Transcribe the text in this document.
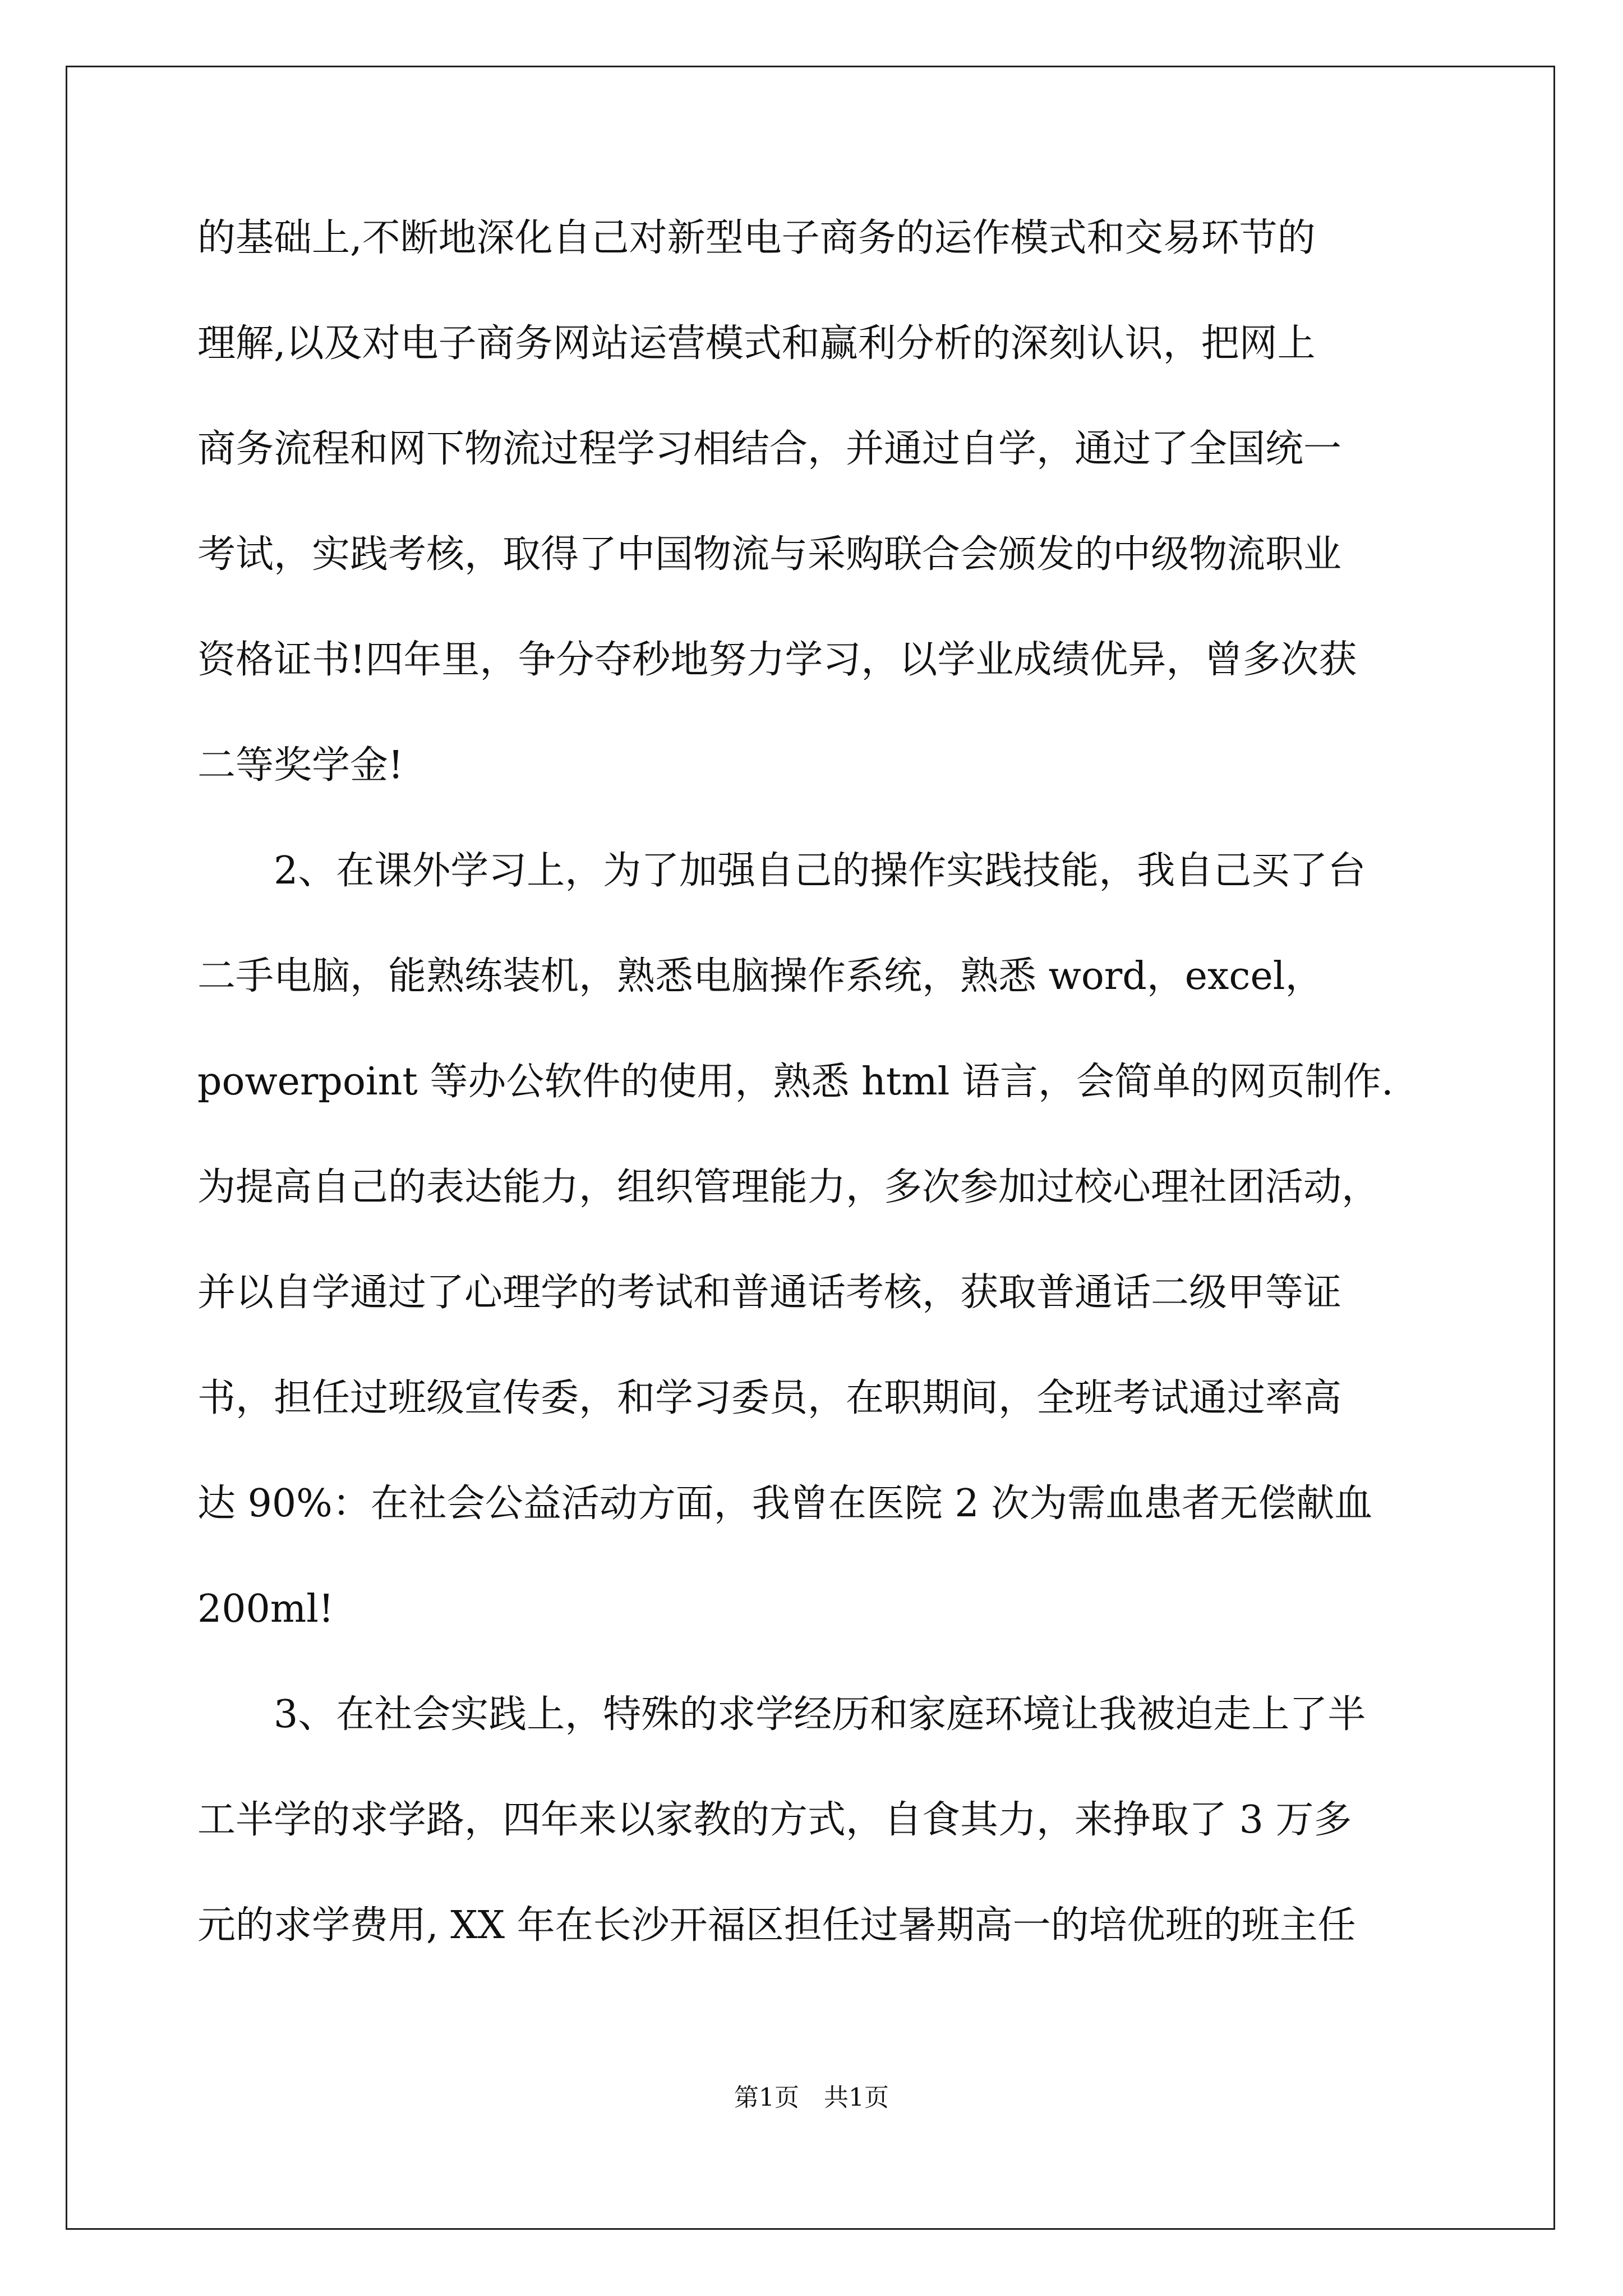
的基础上,不断地深化自己对新型电子商务的运作模式和交易环节的
理解,以及对电子商务网站运营模式和赢利分析的深刻认识，把网上
商务流程和网下物流过程学习相结合，并通过自学，通过了全国统一
考试，实践考核，取得了中国物流与采购联合会颁发的中级物流职业
资格证书!四年里，争分夺秒地努力学习，以学业成绩优异，曾多次获
二等奖学金!
　　2、在课外学习上，为了加强自己的操作实践技能，我自己买了台
二手电脑，能熟练装机，熟悉电脑操作系统，熟悉 word，excel，
powerpoint 等办公软件的使用，熟悉 html 语言，会简单的网页制作.
为提高自己的表达能力，组织管理能力，多次参加过校心理社团活动，
并以自学通过了心理学的考试和普通话考核，获取普通话二级甲等证
书，担任过班级宣传委，和学习委员，在职期间，全班考试通过率高
达 90%：在社会公益活动方面，我曾在医院 2 次为需血患者无偿献血
200ml!
　　3、在社会实践上，特殊的求学经历和家庭环境让我被迫走上了半
工半学的求学路，四年来以家教的方式，自食其力，来挣取了 3 万多
元的求学费用, XX 年在长沙开福区担任过暑期高一的培优班的班主任
第1页　共1页
